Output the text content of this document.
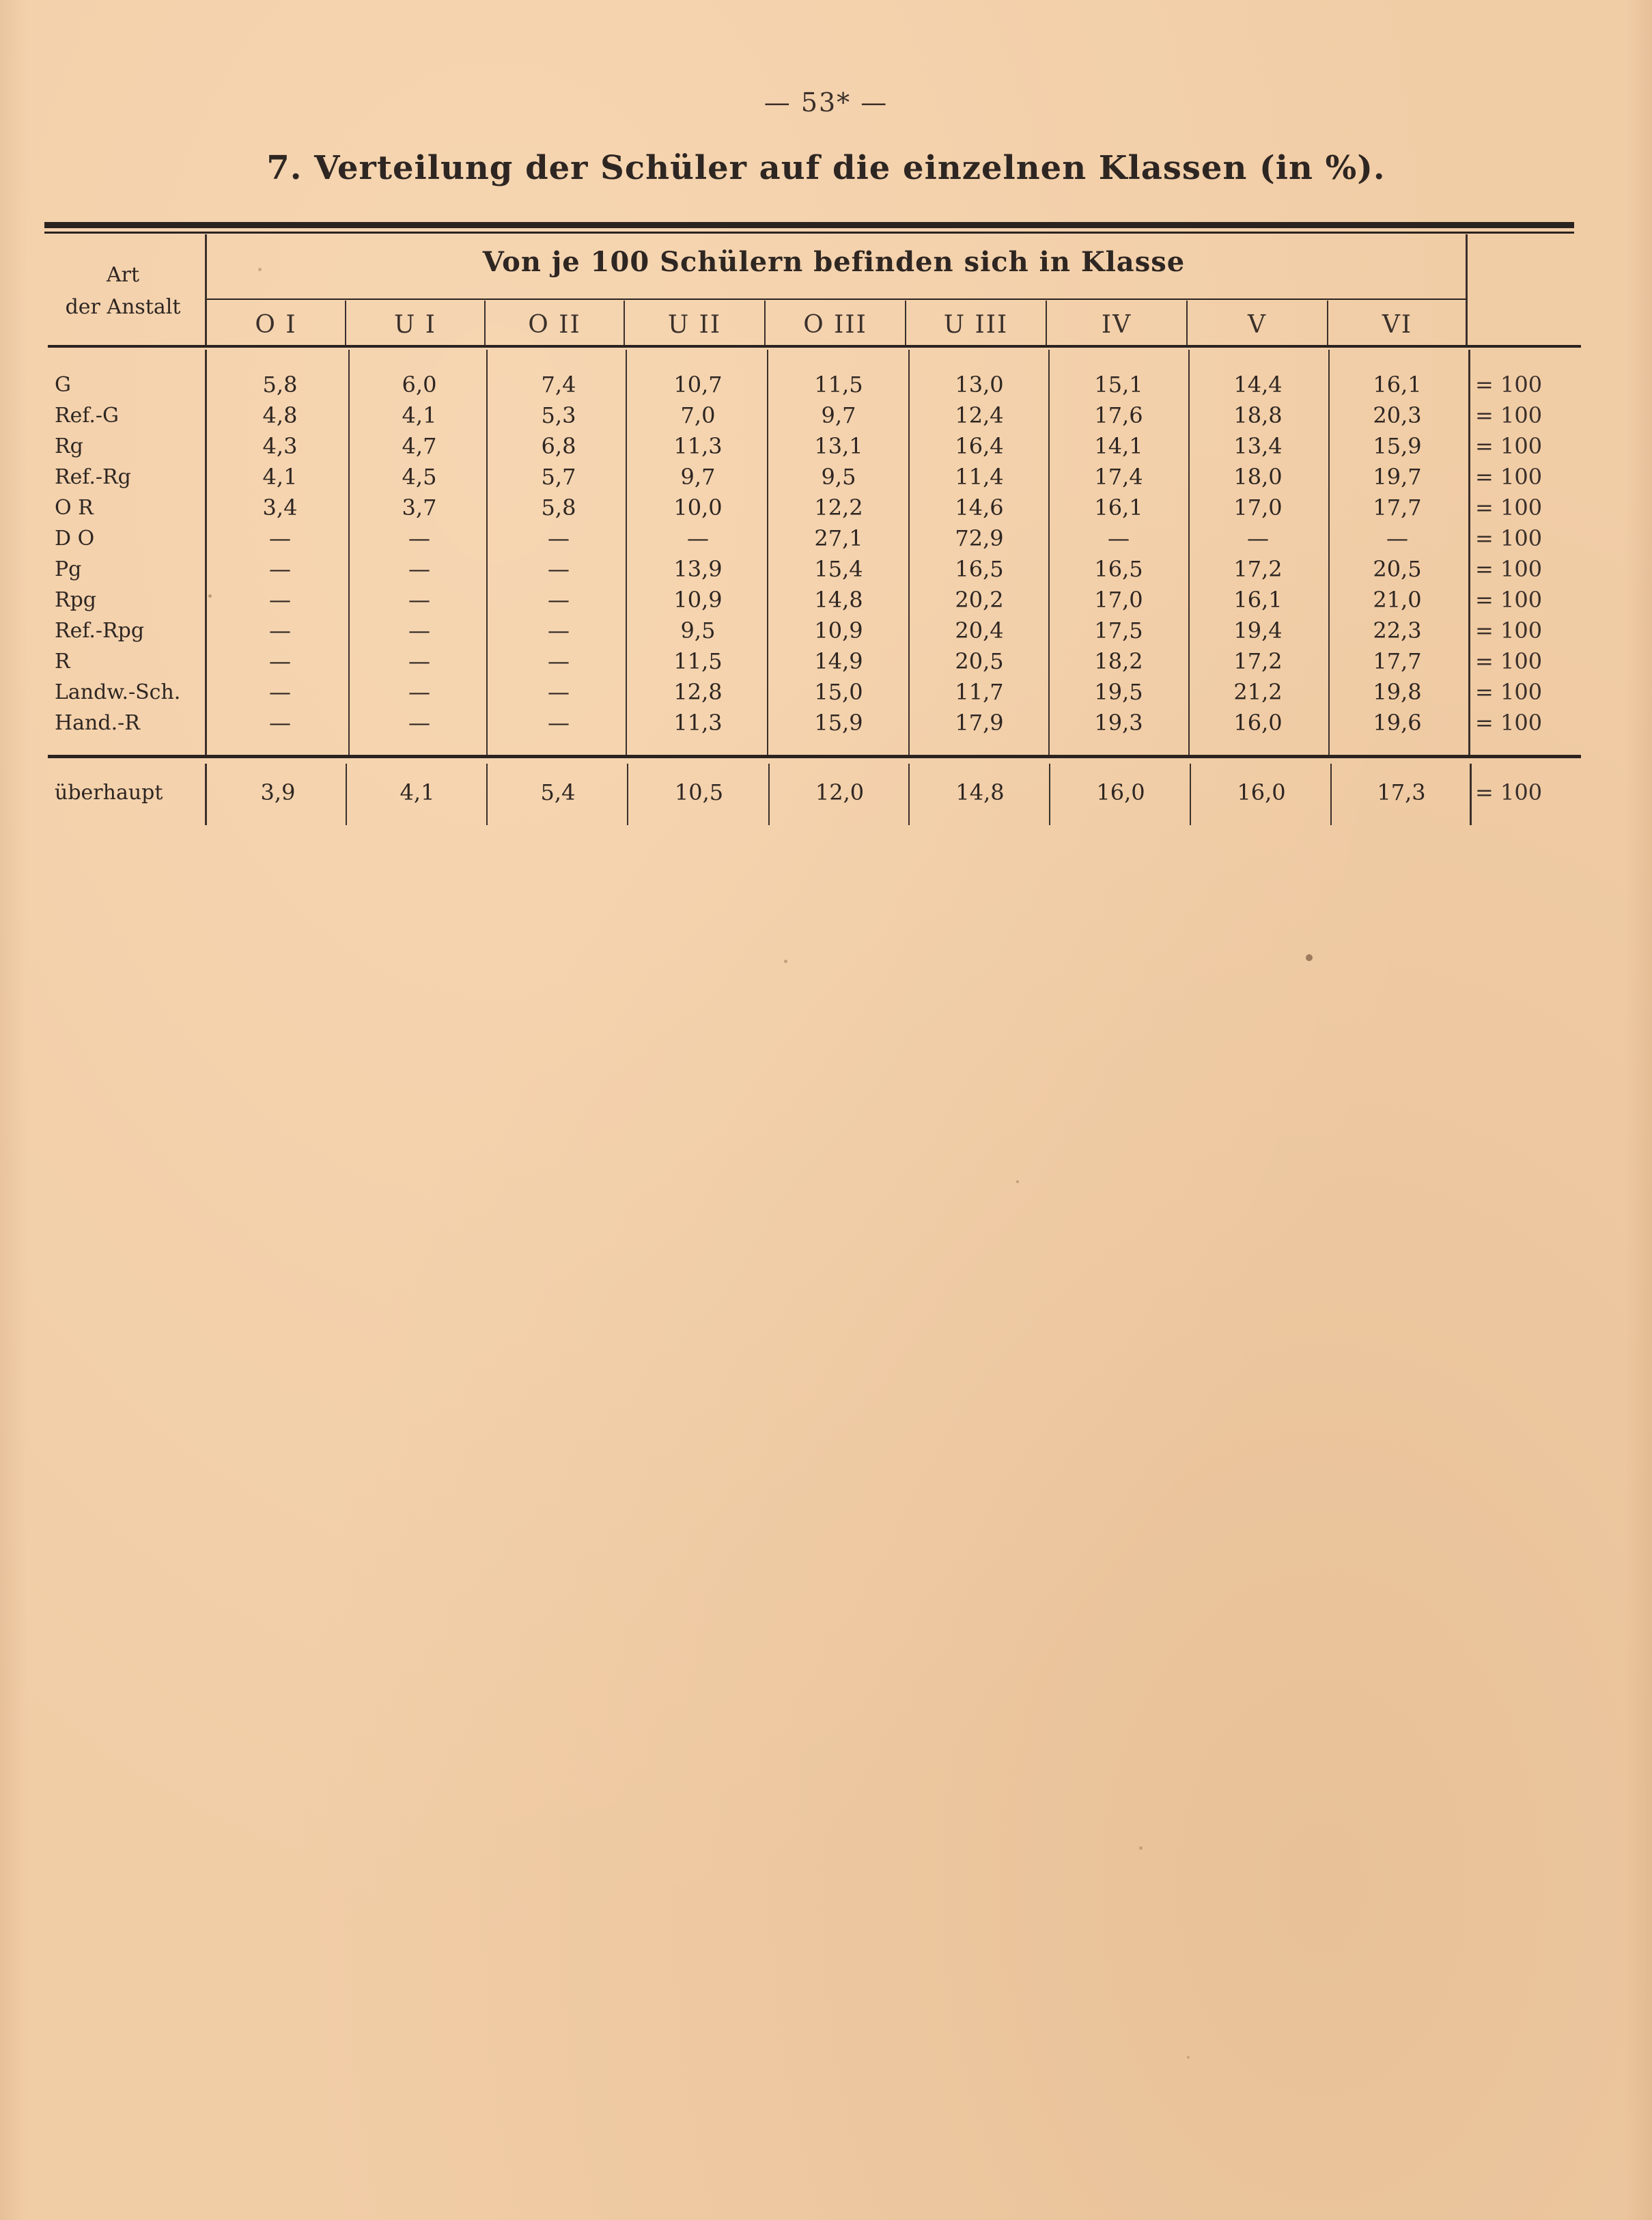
— 53* —
7. Verteilung der Schüler auf die einzelnen Klassen (in %).
Art
der Anstalt
Von je 100 Schülern befinden sich in Klasse
O I	U I	O II	U II	O III	U III	IV	V	VI
G	5,8	6,0	7,4	10,7	11,5	13,0	15,1	14,4	16,1	= 100
Ref.-G	4,8	4,1	5,3	7,0	9,7	12,4	17,6	18,8	20,3	= 100
Rg	4,3	4,7	6,8	11,3	13,1	16,4	14,1	13,4	15,9	= 100
Ref.-Rg	4,1	4,5	5,7	9,7	9,5	11,4	17,4	18,0	19,7	= 100
O R	3,4	3,7	5,8	10,0	12,2	14,6	16,1	17,0	17,7	= 100
D O	—	—	—	—	27,1	72,9	—	—	—	= 100
Pg	—	—	—	13,9	15,4	16,5	16,5	17,2	20,5	= 100
Rpg	—	—	—	10,9	14,8	20,2	17,0	16,1	21,0	= 100
Ref.-Rpg	—	—	—	9,5	10,9	20,4	17,5	19,4	22,3	= 100
R	—	—	—	11,5	14,9	20,5	18,2	17,2	17,7	= 100
Landw.-Sch.	—	—	—	12,8	15,0	11,7	19,5	21,2	19,8	= 100
Hand.-R	—	—	—	11,3	15,9	17,9	19,3	16,0	19,6	= 100
überhaupt	3,9	4,1	5,4	10,5	12,0	14,8	16,0	16,0	17,3	= 100
